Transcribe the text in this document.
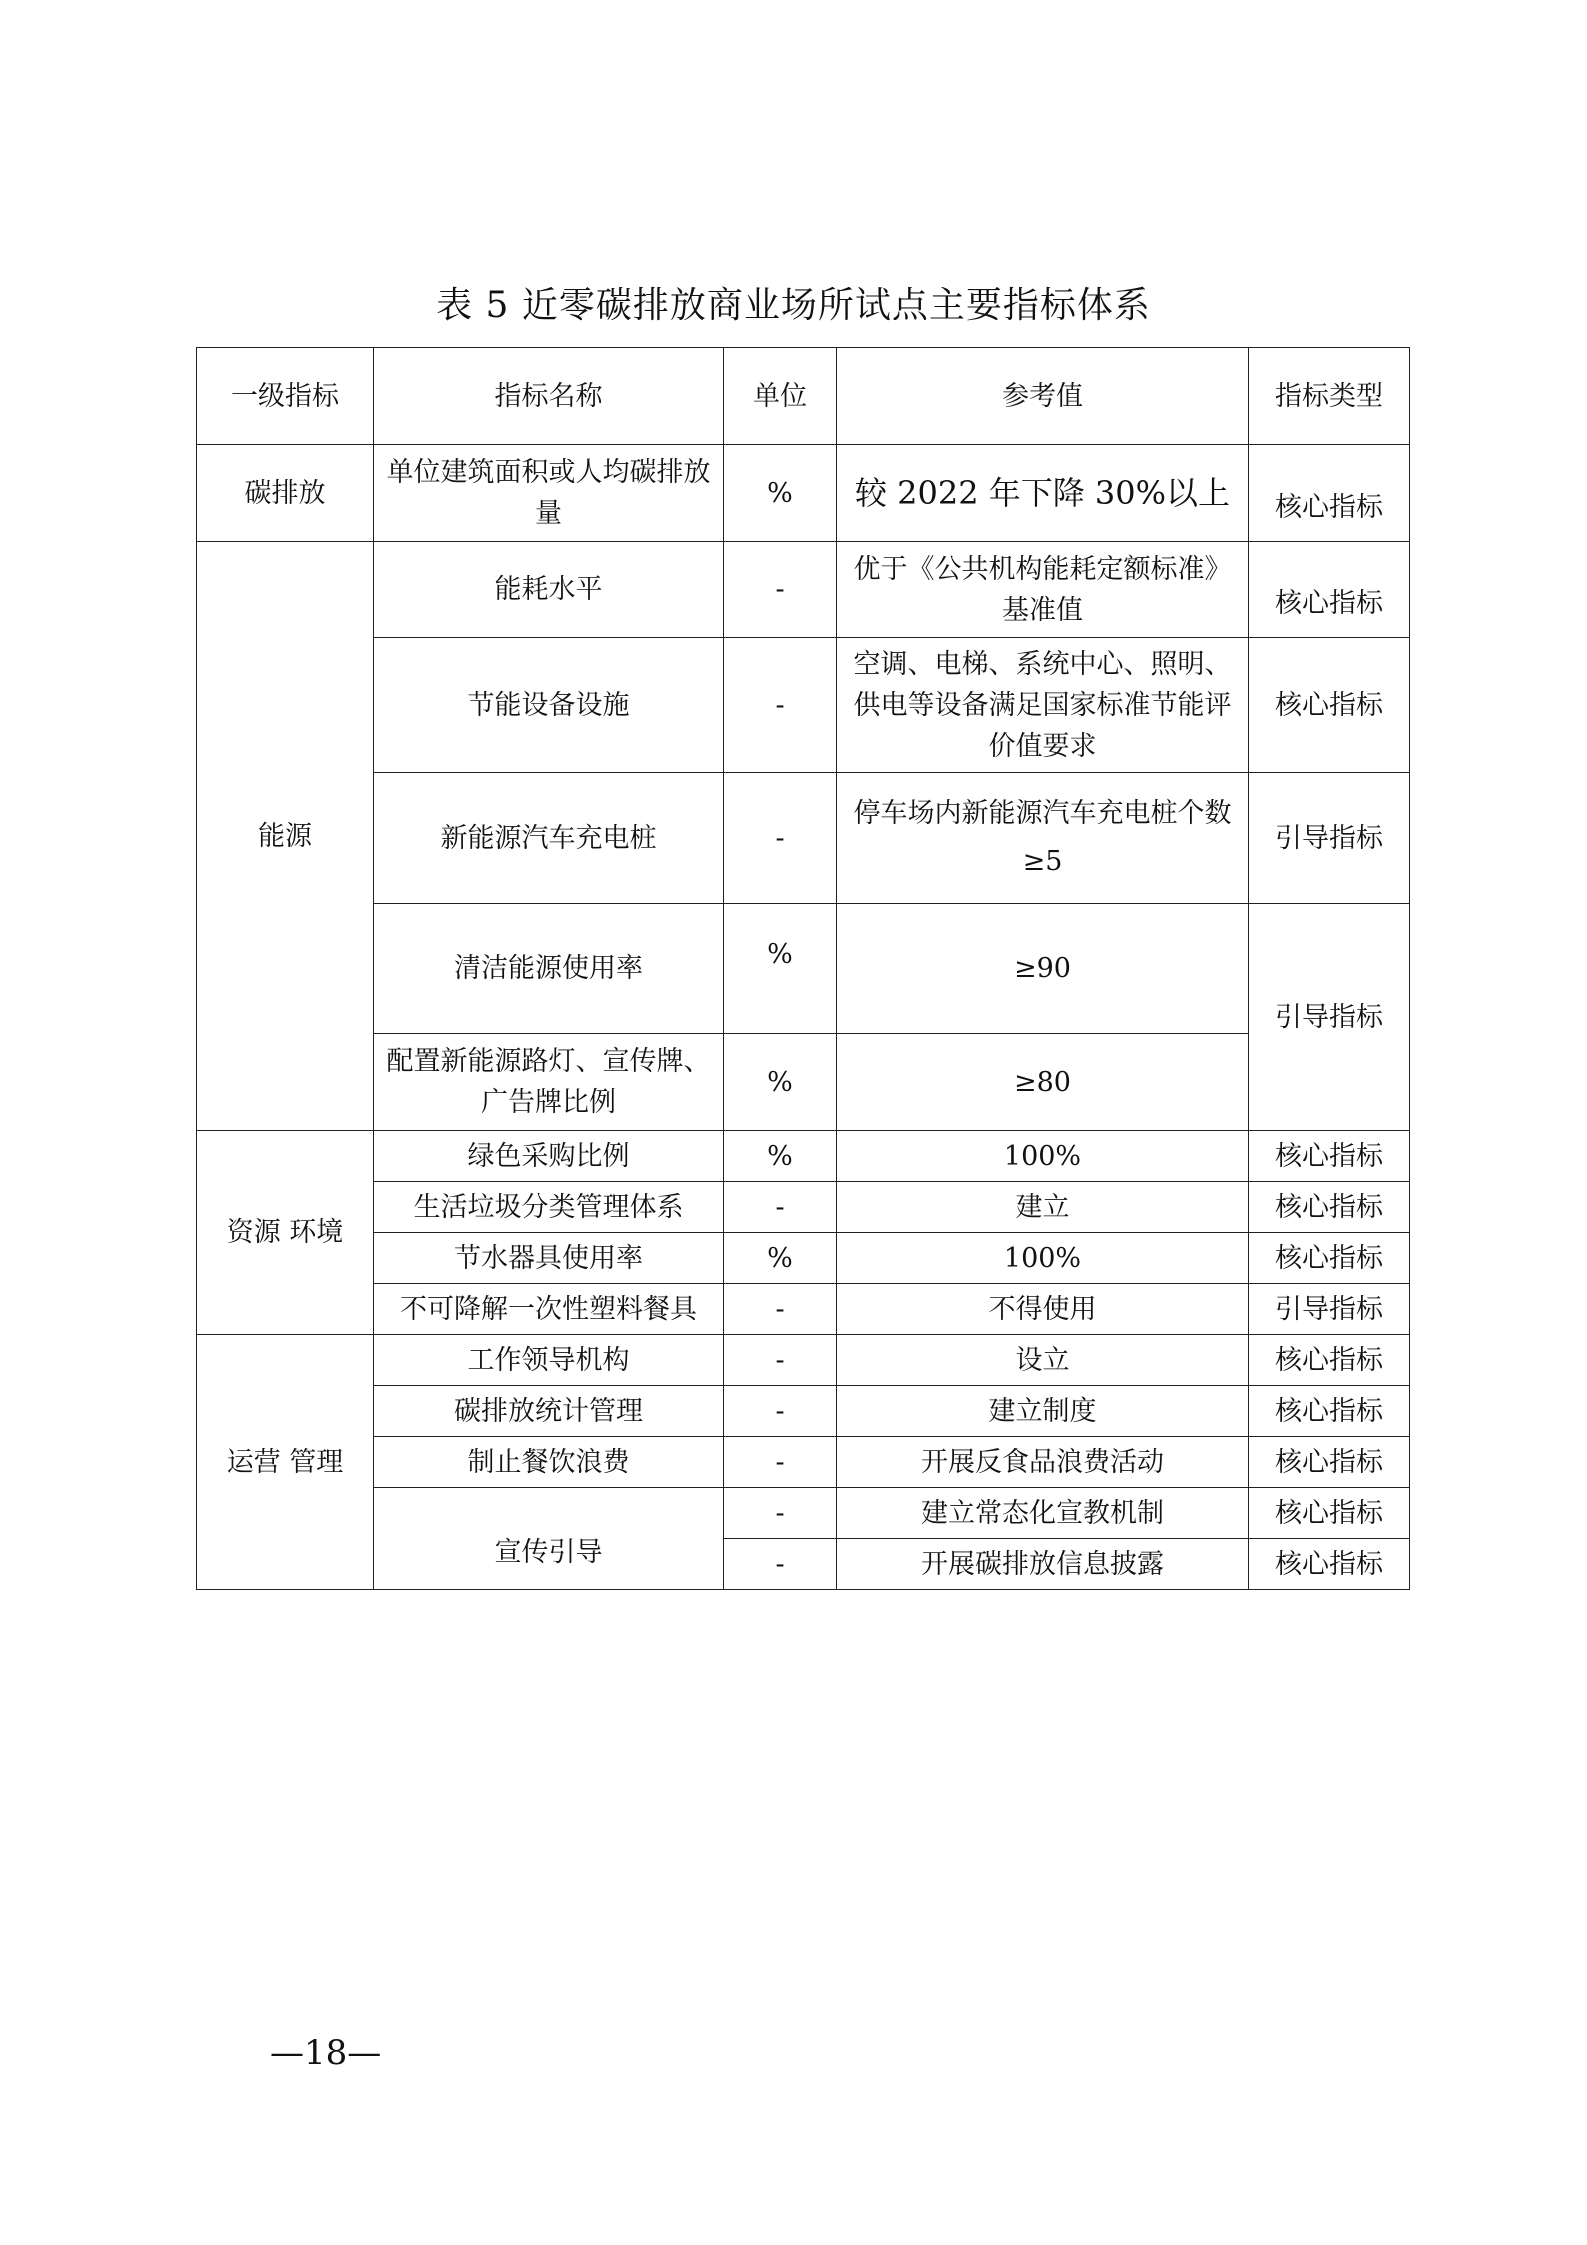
表 5 近零碳排放商业场所试点主要指标体系
一级指标	指标名称	单位	参考值	指标类型
碳排放	单位建筑面积或人均碳排放量	%	较 2022 年下降 30%以上	核心指标
能源	能耗水平	-	优于《公共机构能耗定额标准》基准值	核心指标
	节能设备设施	-	空调、电梯、系统中心、照明、供电等设备满足国家标准节能评价值要求	核心指标
	新能源汽车充电桩	-	停车场内新能源汽车充电桩个数≥5	引导指标
	清洁能源使用率	%	≥90	引导指标
	配置新能源路灯、宣传牌、广告牌比例	%	≥80	
资源 环境	绿色采购比例	%	100%	核心指标
	生活垃圾分类管理体系	-	建立	核心指标
	节水器具使用率	%	100%	核心指标
	不可降解一次性塑料餐具	-	不得使用	引导指标
运营 管理	工作领导机构	-	设立	核心指标
	碳排放统计管理	-	建立制度	核心指标
	制止餐饮浪费	-	开展反食品浪费活动	核心指标
	宣传引导	-	建立常态化宣教机制	核心指标
		-	开展碳排放信息披露	核心指标
—18—
